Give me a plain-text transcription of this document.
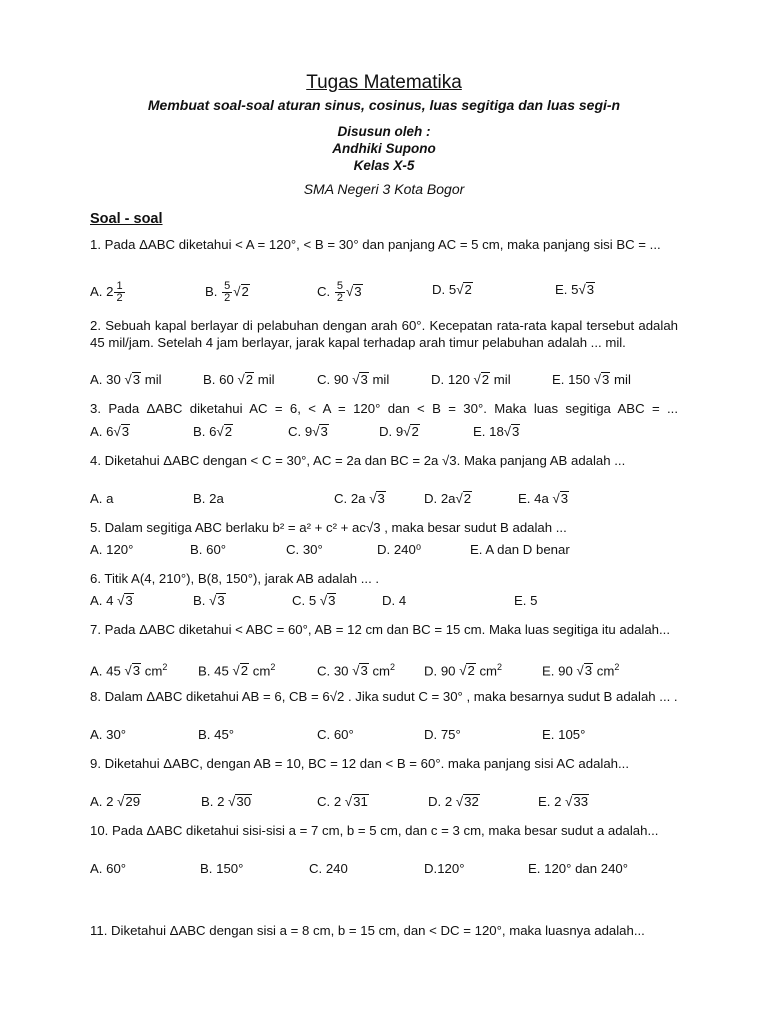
Tugas Matematika
Membuat soal-soal aturan sinus, cosinus, luas segitiga dan luas segi-n
Disusun oleh :
Andhiki Supono
Kelas X-5
SMA Negeri 3 Kota Bogor
Soal - soal
1. Pada ΔABC diketahui < A = 120°, < B = 30° dan panjang AC = 5 cm, maka panjang sisi BC = ...
A. $2 \frac{1}{2}$	B. $\frac{5}{2} √2$	C. $\frac{5}{2} √3$	D. 5√2	E. 5√3
2. Sebuah kapal berlayar di pelabuhan dengan arah 60°. Kecepatan rata-rata kapal tersebut adalah 45 mil/jam. Setelah 4 jam berlayar, jarak kapal terhadap arah timur pelabuhan adalah ... mil.
A. 30 √3 mil	B. 60 √2 mil	C. 90 √3 mil	D. 120 √2 mil	E. 150 √3 mil
3. Pada ΔABC diketahui AC = 6, < A = 120° dan < B = 30°. Maka luas segitiga ABC = ...
A. 6√3	B. 6√2	C. 9√3	D. 9√2	E. 18√3
4. Diketahui ΔABC dengan < C = 30°, AC = 2a dan BC = 2a √3. Maka panjang AB adalah ...
A. a	B. 2a	C. 2a √3	D. 2a√2	E. 4a √3
5. Dalam segitiga ABC berlaku b² = a² + c² + ac√3 , maka besar sudut B adalah ...
A. 120°	B. 60°	C. 30°	D. 240⁰	E. A dan D benar
6. Titik A(4, 210°), B(8, 150°), jarak AB adalah ... .
A. 4 √3	B. √3	C. 5 √3	D. 4	E. 5
7. Pada ΔABC diketahui < ABC = 60°, AB = 12 cm dan BC = 15 cm. Maka luas segitiga itu adalah...
A. 45 √3 $cm^2$ B. 45 √2 $cm^2$	C. 30 √3 $cm^2$ D. 90 √2 $cm^2$	E. 90 √3 $cm^2$
8. Dalam ΔABC diketahui AB = 6, CB = 6√2 . Jika sudut C = 30° , maka besarnya sudut B adalah ... .
A. 30°	B. 45°	C. 60°	D. 75°	E. 105°
9. Diketahui ΔABC, dengan AB = 10, BC = 12 dan < B = 60°. maka panjang sisi AC adalah...
A. 2 √29	B. 2 √30	C. 2 √31	D. 2 √32	E. 2 √33
10. Pada ΔABC diketahui sisi-sisi a = 7 cm, b = 5 cm, dan c = 3 cm, maka besar sudut a adalah...
A. 60°	B. 150°	C. 240	D.120°	E. 120° dan 240°
11. Diketahui ΔABC dengan sisi a = 8 cm, b = 15 cm, dan < DC = 120°, maka luasnya adalah...
